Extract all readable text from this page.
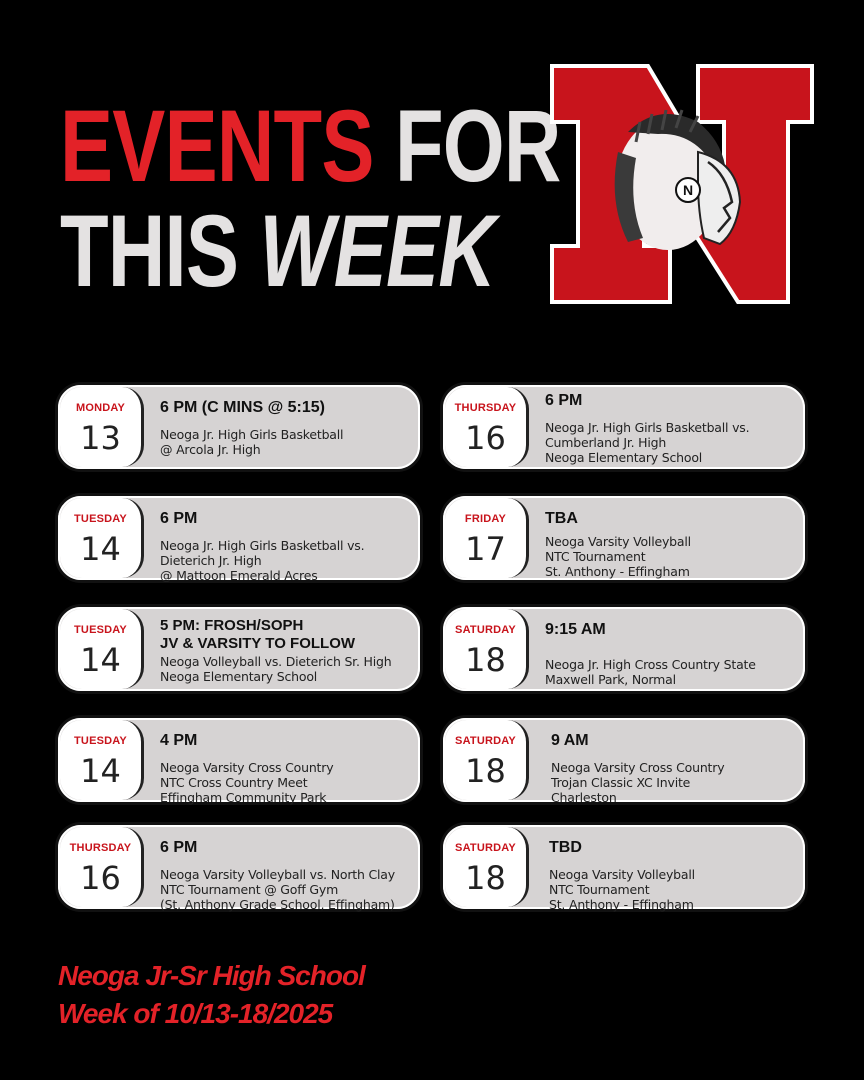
EVENTS FOR
THIS WEEK
N
MONDAY
13
6 PM (C MINS @ 5:15)
Neoga Jr. High Girls Basketball
@ Arcola Jr. High
TUESDAY
14
6 PM
Neoga Jr. High Girls Basketball vs.
Dieterich Jr. High
@ Mattoon Emerald Acres
TUESDAY
14
5 PM: FROSH/SOPH
JV & VARSITY TO FOLLOW
Neoga Volleyball vs. Dieterich Sr. High
Neoga Elementary School
TUESDAY
14
4 PM
Neoga Varsity Cross Country
NTC Cross Country Meet
Effingham Community Park
THURSDAY
16
6 PM
Neoga Varsity Volleyball vs. North Clay
NTC Tournament @ Goff Gym
(St. Anthony Grade School, Effingham)
THURSDAY
16
6 PM
Neoga Jr. High Girls Basketball vs.
Cumberland Jr. High
Neoga Elementary School
FRIDAY
17
TBA
Neoga Varsity Volleyball
NTC Tournament
St. Anthony - Effingham
SATURDAY
18
9:15 AM
Neoga Jr. High Cross Country State
Maxwell Park, Normal
SATURDAY
18
9 AM
Neoga Varsity Cross Country
Trojan Classic XC Invite
Charleston
SATURDAY
18
TBD
Neoga Varsity Volleyball
NTC Tournament
St. Anthony - Effingham
Neoga Jr-Sr High School
Week of 10/13-18/2025
